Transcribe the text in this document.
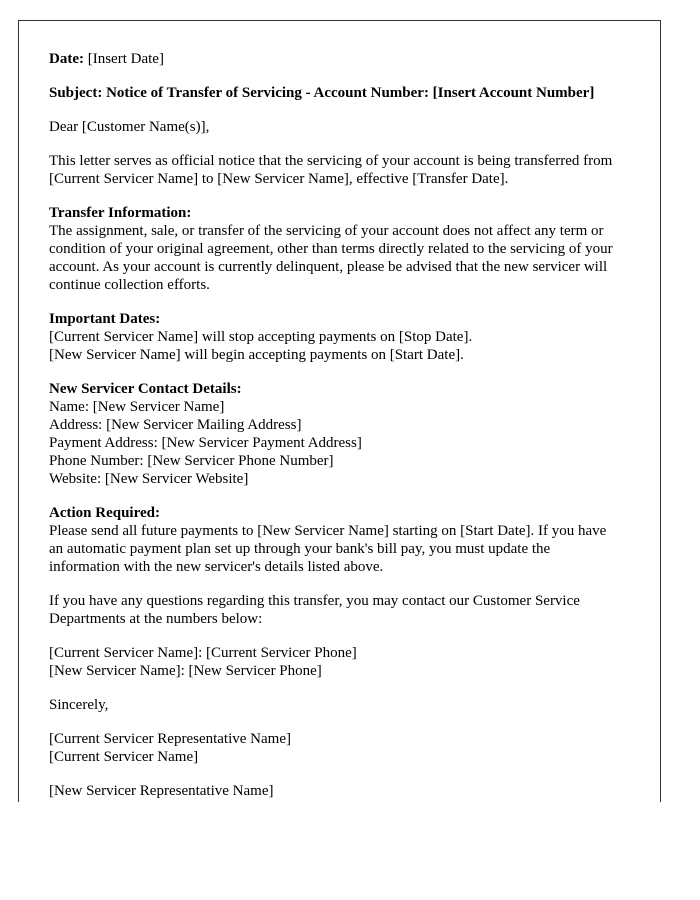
Date: [Insert Date]

Subject: Notice of Transfer of Servicing - Account Number: [Insert Account Number]

Dear [Customer Name(s)],

This letter serves as official notice that the servicing of your account is being transferred from [Current Servicer Name] to [New Servicer Name], effective [Transfer Date].

Transfer Information:
The assignment, sale, or transfer of the servicing of your account does not affect any term or condition of your original agreement, other than terms directly related to the servicing of your account. As your account is currently delinquent, please be advised that the new servicer will continue collection efforts.

Important Dates:
[Current Servicer Name] will stop accepting payments on [Stop Date].
[New Servicer Name] will begin accepting payments on [Start Date].

New Servicer Contact Details:
Name: [New Servicer Name]
Address: [New Servicer Mailing Address]
Payment Address: [New Servicer Payment Address]
Phone Number: [New Servicer Phone Number]
Website: [New Servicer Website]

Action Required:
Please send all future payments to [New Servicer Name] starting on [Start Date]. If you have an automatic payment plan set up through your bank's bill pay, you must update the information with the new servicer's details listed above.

If you have any questions regarding this transfer, you may contact our Customer Service Departments at the numbers below:

[Current Servicer Name]: [Current Servicer Phone]
[New Servicer Name]: [New Servicer Phone]

Sincerely,

[Current Servicer Representative Name]
[Current Servicer Name]

[New Servicer Representative Name]
